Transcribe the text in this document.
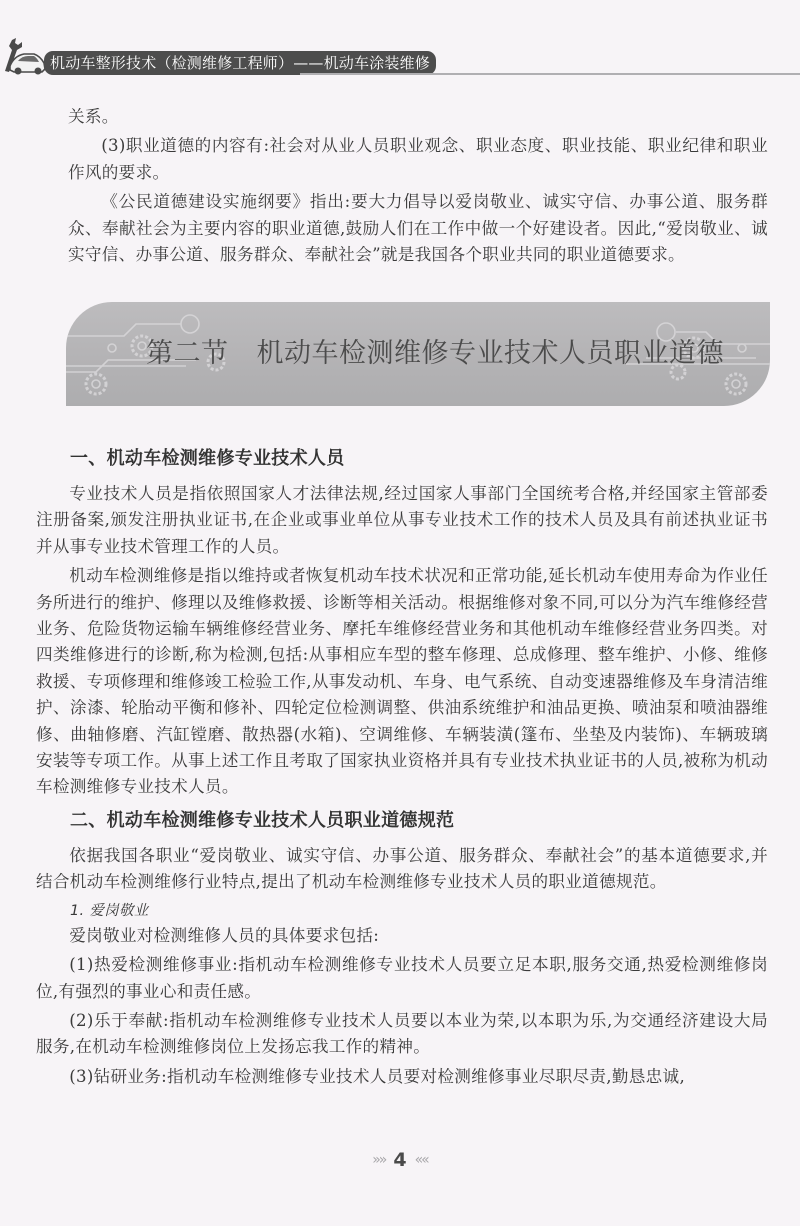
机动车整形技术（检测维修工程师）——机动车涂装维修

关系。

(3)职业道德的内容有:社会对从业人员职业观念、职业态度、职业技能、职业纪律和职业作风的要求。

《公民道德建设实施纲要》指出:要大力倡导以爱岗敬业、诚实守信、办事公道、服务群众、奉献社会为主要内容的职业道德,鼓励人们在工作中做一个好建设者。因此,“爱岗敬业、诚实守信、办事公道、服务群众、奉献社会”就是我国各个职业共同的职业道德要求。

第二节 机动车检测维修专业技术人员职业道德
一、机动车检测维修专业技术人员

专业技术人员是指依照国家人才法律法规,经过国家人事部门全国统考合格,并经国家主管部委注册备案,颁发注册执业证书,在企业或事业单位从事专业技术工作的技术人员及具有前述执业证书并从事专业技术管理工作的人员。

机动车检测维修是指以维持或者恢复机动车技术状况和正常功能,延长机动车使用寿命为作业任务所进行的维护、修理以及维修救援、诊断等相关活动。根据维修对象不同,可以分为汽车维修经营业务、危险货物运输车辆维修经营业务、摩托车维修经营业务和其他机动车维修经营业务四类。对四类维修进行的诊断,称为检测,包括:从事相应车型的整车修理、总成修理、整车维护、小修、维修救援、专项修理和维修竣工检验工作,从事发动机、车身、电气系统、自动变速器维修及车身清洁维护、涂漆、轮胎动平衡和修补、四轮定位检测调整、供油系统维护和油品更换、喷油泵和喷油器维修、曲轴修磨、汽缸镗磨、散热器(水箱)、空调维修、车辆装潢(篷布、坐垫及内装饰)、车辆玻璃安装等专项工作。从事上述工作且考取了国家执业资格并具有专业技术执业证书的人员,被称为机动车检测维修专业技术人员。

二、机动车检测维修专业技术人员职业道德规范

依据我国各职业“爱岗敬业、诚实守信、办事公道、服务群众、奉献社会”的基本道德要求,并结合机动车检测维修行业特点,提出了机动车检测维修专业技术人员的职业道德规范。

1. 爱岗敬业

爱岗敬业对检测维修人员的具体要求包括:

(1)热爱检测维修事业:指机动车检测维修专业技术人员要立足本职,服务交通,热爱检测维修岗位,有强烈的事业心和责任感。

(2)乐于奉献:指机动车检测维修专业技术人员要以本业为荣,以本职为乐,为交通经济建设大局服务,在机动车检测维修岗位上发扬忘我工作的精神。

(3)钻研业务:指机动车检测维修专业技术人员要对检测维修事业尽职尽责,勤恳忠诚,

»» 4 ««
